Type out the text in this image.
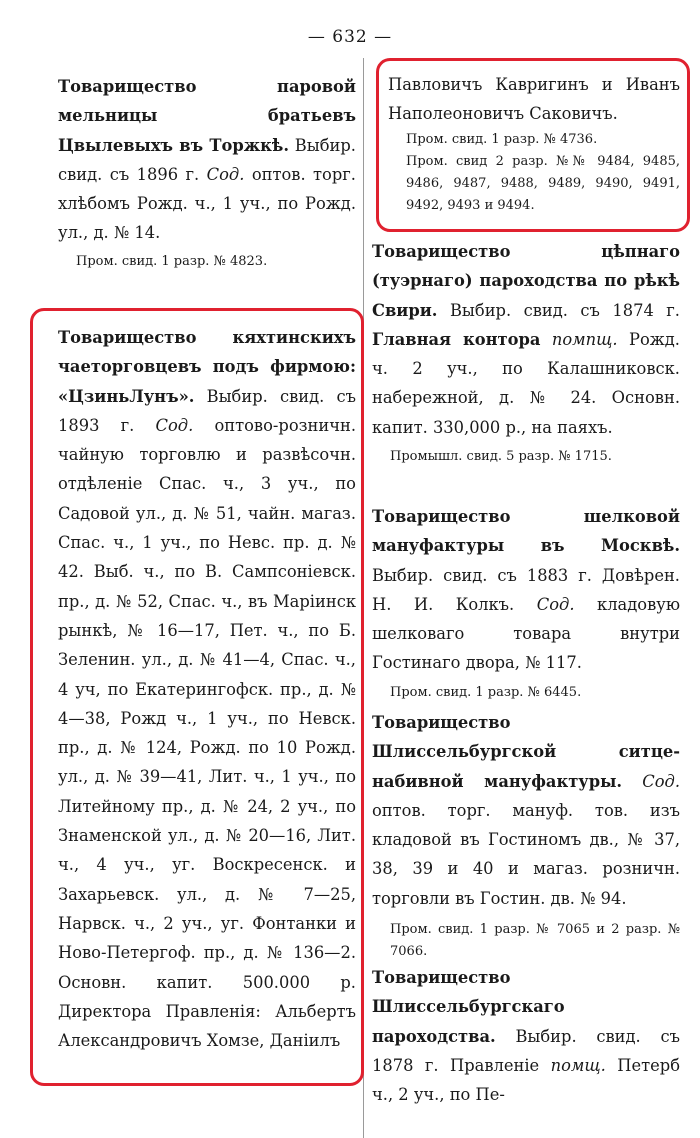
— 632 —

Товарищество паровой мельницы братьевъ Цвылевыхъ въ Торжкѣ. Выбир. свид. съ 1896 г. Сод. оптов. торг. хлѣбомъ Рожд. ч., 1 уч., по Рожд. ул., д. № 14.

Пром. свид. 1 разр. № 4823.

Товарищество кяхтинскихъ чаеторговцевъ подъ фирмою: «ЦзиньЛунъ». Выбир. свид. съ 1893 г. Сод. оптово-розничн. чайную торговлю и развѣсочн. отдѣленіе Спас. ч., 3 уч., по Садовой ул., д. № 51, чайн. магаз. Спас. ч., 1 уч., по Невс. пр. д. № 42. Выб. ч., по В. Сампсоніевск. пр., д. № 52, Спас. ч., въ Маріинск рынкѣ, № 16—17, Пет. ч., по Б. Зеленин. ул., д. № 41—4, Спас. ч., 4 уч, по Екатерингофск. пр., д. № 4—38, Рожд ч., 1 уч., по Невск. пр., д. № 124, Рожд. по 10 Рожд. ул., д. № 39—41, Лит. ч., 1 уч., по Литейному пр., д. № 24, 2 уч., по Знаменской ул., д. № 20—16, Лит. ч., 4 уч., уг. Воскресенск. и Захарьевск. ул., д. № 7—25, Нарвск. ч., 2 уч., уг. Фонтанки и Ново-Петергоф. пр., д. № 136—2. Основн. капит. 500.000 р. Директора Правленія: Альбертъ Александровичъ Хомзе, Даніилъ

Павловичъ Кавригинъ и Иванъ Наполеоновичъ Саковичъ.

Пром. свид. 1 разр. № 4736.

Пром. свид 2 разр. №№ 9484, 9485, 9486, 9487, 9488, 9489, 9490, 9491, 9492, 9493 и 9494.

Товарищество цѣпнаго (туэрнаго) пароходства по рѣкѣ Свири. Выбир. свид. съ 1874 г. Главная контора помпщ. Рожд. ч. 2 уч., по Калашниковск. набережной, д. № 24. Основн. капит. 330,000 р., на паяхъ.

Промышл. свид. 5 разр. № 1715.

Товарищество шелковой мануфактуры въ Москвѣ. Выбир. свид. съ 1883 г. Довѣрен. Н. И. Колкъ. Сод. кладовую шелковаго товара внутри Гостинаго двора, № 117.

Пром. свид. 1 разр. № 6445.

Товарищество Шлиссельбургской ситце-набивной мануфактуры. Сод. оптов. торг. мануф. тов. изъ кладовой въ Гостиномъ дв., № 37, 38, 39 и 40 и магаз. розничн. торговли въ Гостин. дв. № 94.

Пром. свид. 1 разр. № 7065 и 2 разр. № 7066.

Товарищество Шлиссельбургскаго пароходства. Выбир. свид. съ 1878 г. Правленіе помщ. Петерб ч., 2 уч., по Пе-
